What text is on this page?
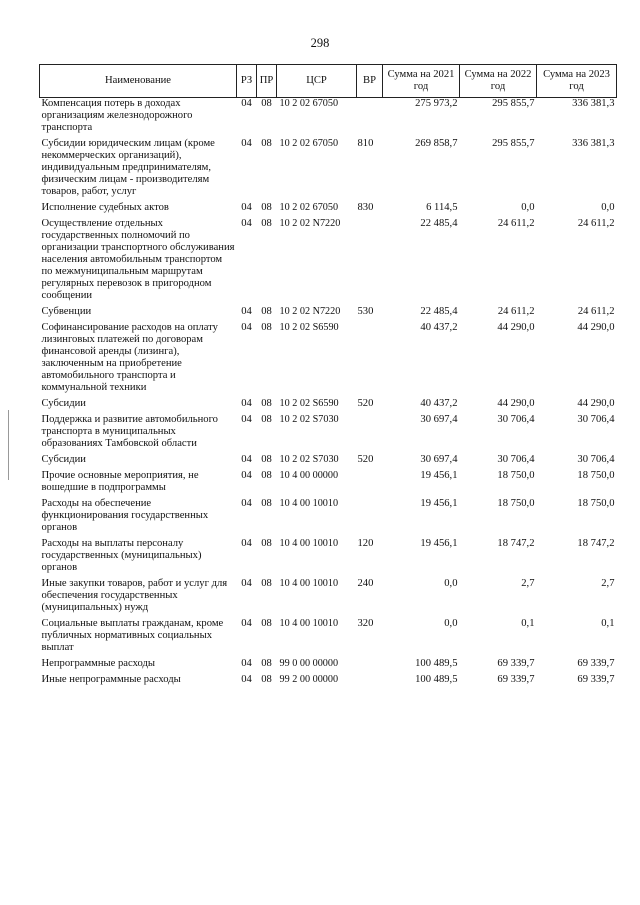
298
Наименование	РЗ	ПР	ЦСР	ВР	Сумма на 2021 год	Сумма на 2022 год	Сумма на 2023 год
Компенсация потерь в доходах организациям железнодорожного транспорта	04	08	10 2 02 67050		275 973,2	295 855,7	336 381,3
Субсидии юридическим лицам (кроме некоммерческих организаций), индивидуальным предпринимателям, физическим лицам - производителям товаров, работ, услуг	04	08	10 2 02 67050	810	269 858,7	295 855,7	336 381,3
Исполнение судебных актов	04	08	10 2 02 67050	830	6 114,5	0,0	0,0
Осуществление отдельных государственных полномочий по организации транспортного обслуживания населения автомобильным транспортом по межмуниципальным маршрутам регулярных перевозок в пригородном сообщении	04	08	10 2 02 N7220		22 485,4	24 611,2	24 611,2
Субвенции	04	08	10 2 02 N7220	530	22 485,4	24 611,2	24 611,2
Софинансирование расходов на оплату лизинговых платежей по договорам финансовой аренды (лизинга), заключенным на приобретение автомобильного транспорта и коммунальной техники	04	08	10 2 02 S6590		40 437,2	44 290,0	44 290,0
Субсидии	04	08	10 2 02 S6590	520	40 437,2	44 290,0	44 290,0
Поддержка и развитие автомобильного транспорта в муниципальных образованиях Тамбовской области	04	08	10 2 02 S7030		30 697,4	30 706,4	30 706,4
Субсидии	04	08	10 2 02 S7030	520	30 697,4	30 706,4	30 706,4
Прочие основные мероприятия, не вошедшие в подпрограммы	04	08	10 4 00 00000		19 456,1	18 750,0	18 750,0
Расходы на обеспечение функционирования государственных органов	04	08	10 4 00 10010		19 456,1	18 750,0	18 750,0
Расходы на выплаты персоналу государственных (муниципальных) органов	04	08	10 4 00 10010	120	19 456,1	18 747,2	18 747,2
Иные закупки товаров, работ и услуг для обеспечения государственных (муниципальных) нужд	04	08	10 4 00 10010	240	0,0	2,7	2,7
Социальные выплаты гражданам, кроме публичных нормативных социальных выплат	04	08	10 4 00 10010	320	0,0	0,1	0,1
Непрограммные расходы	04	08	99 0 00 00000		100 489,5	69 339,7	69 339,7
Иные непрограммные расходы	04	08	99 2 00 00000		100 489,5	69 339,7	69 339,7
